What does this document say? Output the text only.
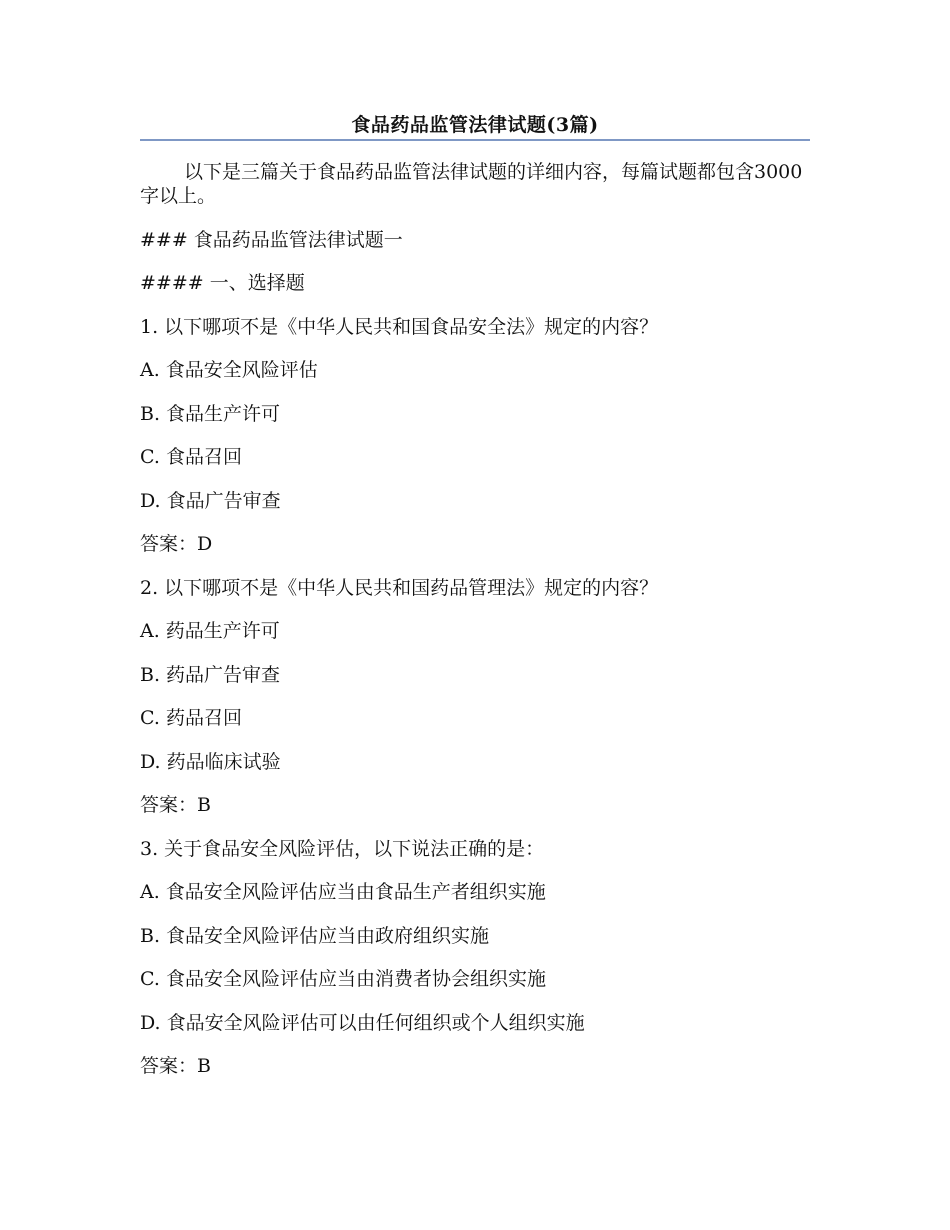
食品药品监管法律试题(3篇)
以下是三篇关于食品药品监管法律试题的详细内容，每篇试题都包含3000字以上。
### 食品药品监管法律试题一
#### 一、选择题
1. 以下哪项不是《中华人民共和国食品安全法》规定的内容？
A. 食品安全风险评估
B. 食品生产许可
C. 食品召回
D. 食品广告审查
答案：D
2. 以下哪项不是《中华人民共和国药品管理法》规定的内容？
A. 药品生产许可
B. 药品广告审查
C. 药品召回
D. 药品临床试验
答案：B
3. 关于食品安全风险评估，以下说法正确的是：
A. 食品安全风险评估应当由食品生产者组织实施
B. 食品安全风险评估应当由政府组织实施
C. 食品安全风险评估应当由消费者协会组织实施
D. 食品安全风险评估可以由任何组织或个人组织实施
答案：B
